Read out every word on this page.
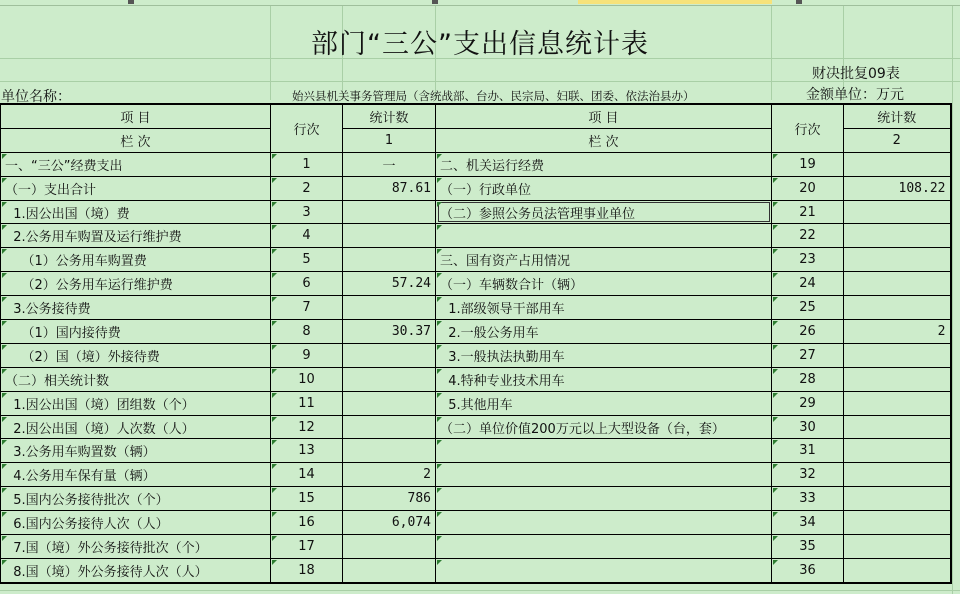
部门“三公”支出信息统计表
财决批复09表
单位名称：	始兴县机关事务管理局（含统战部、台办、民宗局、妇联、团委、依法治县办）	金额单位：万元
项 目	行次	统计数	项 目	行次	统计数
栏 次		1	栏 次		2
一、“三公”经费支出	1	一	二、机关运行经费	19	
（一）支出合计	2	87.61	（一）行政单位	20	108.22
1.因公出国（境）费	3		（二）参照公务员法管理事业单位	21	
2.公务用车购置及运行维护费	4			22	
（1）公务用车购置费	5		三、国有资产占用情况	23	
（2）公务用车运行维护费	6	57.24	（一）车辆数合计（辆）	24	
3.公务接待费	7		1.部级领导干部用车	25	
（1）国内接待费	8	30.37	2.一般公务用车	26	2
（2）国（境）外接待费	9		3.一般执法执勤用车	27	
（二）相关统计数	10		4.特种专业技术用车	28	
1.因公出国（境）团组数（个）	11		5.其他用车	29	
2.因公出国（境）人次数（人）	12		（二）单位价值200万元以上大型设备（台，套）	30	
3.公务用车购置数（辆）	13			31	
4.公务用车保有量（辆）	14	2		32	
5.国内公务接待批次（个）	15	786		33	
6.国内公务接待人次（人）	16	6,074		34	
7.国（境）外公务接待批次（个）	17			35	
8.国（境）外公务接待人次（人）	18			36	
